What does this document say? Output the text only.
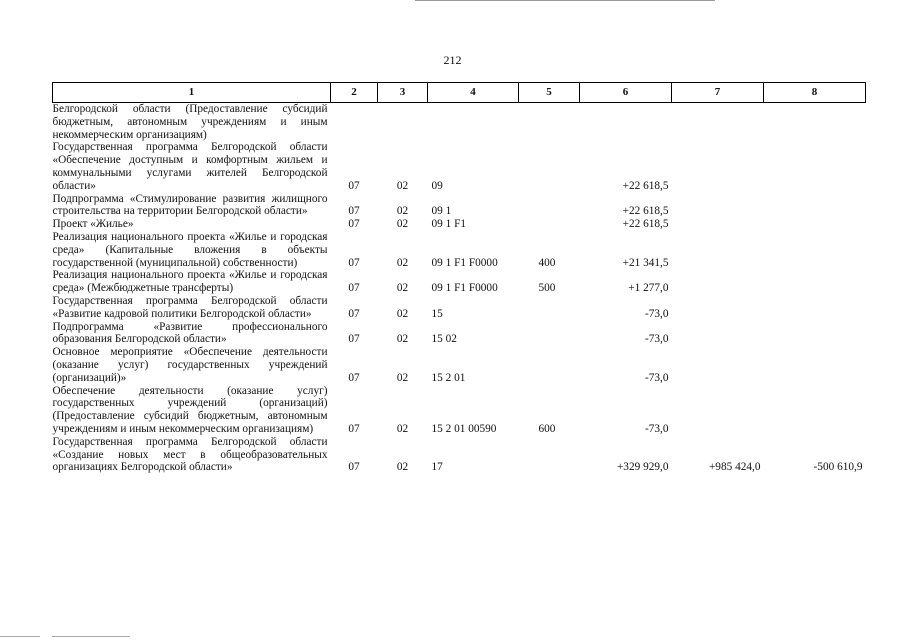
212
1	2	3	4	5	6	7	8
Белгородской области (Предоставление субсидий бюджетным, автономным учреждениям и иным некоммерческим организациям)							
Государственная программа Белгородской области «Обеспечение доступным и комфортным жильем и коммунальными услугами жителей Белгородской области»	07	02	09		+22 618,5		
Подпрограмма «Стимулирование развития жилищного строительства на территории Белгородской области»	07	02	09 1		+22 618,5		
Проект «Жилье»	07	02	09 1 F1		+22 618,5		
Реализация национального проекта «Жилье и городская среда» (Капитальные вложения в объекты государственной (муниципальной) собственности)	07	02	09 1 F1 F0000	400	+21 341,5		
Реализация национального проекта «Жилье и городская среда» (Межбюджетные трансферты)	07	02	09 1 F1 F0000	500	+1 277,0		
Государственная программа Белгородской области «Развитие кадровой политики Белгородской области»	07	02	15		-73,0		
Подпрограмма «Развитие профессионального образования Белгородской области»	07	02	15 02		-73,0		
Основное мероприятие «Обеспечение деятельности (оказание услуг) государственных учреждений (организаций)»	07	02	15 2 01		-73,0		
Обеспечение деятельности (оказание услуг) государственных учреждений (организаций) (Предоставление субсидий бюджетным, автономным учреждениям и иным некоммерческим организациям)	07	02	15 2 01 00590	600	-73,0		
Государственная программа Белгородской области «Создание новых мест в общеобразовательных организациях Белгородской области»	07	02	17		+329 929,0	+985 424,0	-500 610,9
